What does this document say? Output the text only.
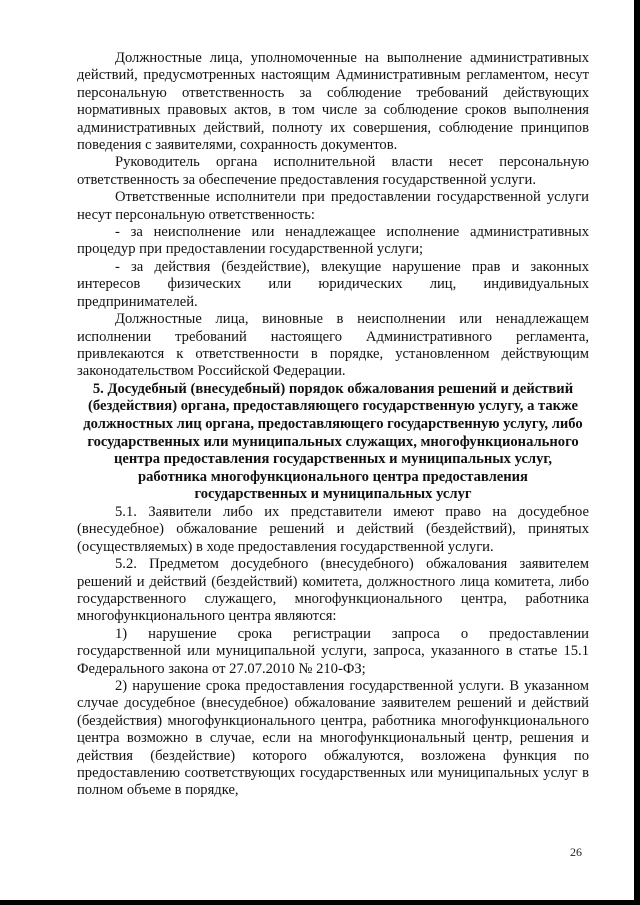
Должностные лица, уполномоченные на выполнение административных действий, предусмотренных настоящим Административным регламентом, несут персональную ответственность за соблюдение требований действующих нормативных правовых актов, в том числе за соблюдение сроков выполнения административных действий, полноту их совершения, соблюдение принципов поведения с заявителями, сохранность документов.

Руководитель органа исполнительной власти несет персональную ответственность за обеспечение предоставления государственной услуги.

Ответственные исполнители при предоставлении государственной услуги несут персональную ответственность:

- за неисполнение или ненадлежащее исполнение административных процедур при предоставлении государственной услуги;

- за действия (бездействие), влекущие нарушение прав и законных интересов физических или юридических лиц, индивидуальных предпринимателей.

Должностные лица, виновные в неисполнении или ненадлежащем исполнении требований настоящего Административного регламента, привлекаются к ответственности в порядке, установленном действующим законодательством Российской Федерации.

5. Досудебный (внесудебный) порядок обжалования решений и действий (бездействия) органа, предоставляющего государственную услугу, а также должностных лиц органа, предоставляющего государственную услугу, либо государственных или муниципальных служащих, многофункционального центра предоставления государственных и муниципальных услуг, работника многофункционального центра предоставления государственных и муниципальных услуг

5.1. Заявители либо их представители имеют право на досудебное (внесудебное) обжалование решений и действий (бездействий), принятых (осуществляемых) в ходе предоставления государственной услуги.

5.2. Предметом досудебного (внесудебного) обжалования заявителем решений и действий (бездействий) комитета, должностного лица комитета, либо государственного служащего, многофункционального центра, работника многофункционального центра являются:

1) нарушение срока регистрации запроса о предоставлении государственной или муниципальной услуги, запроса, указанного в статье 15.1 Федерального закона от 27.07.2010 № 210-ФЗ;

2) нарушение срока предоставления государственной услуги. В указанном случае досудебное (внесудебное) обжалование заявителем решений и действий (бездействия) многофункционального центра, работника многофункционального центра возможно в случае, если на многофункциональный центр, решения и действия (бездействие) которого обжалуются, возложена функция по предоставлению соответствующих государственных или муниципальных услуг в полном объеме в порядке,

26
